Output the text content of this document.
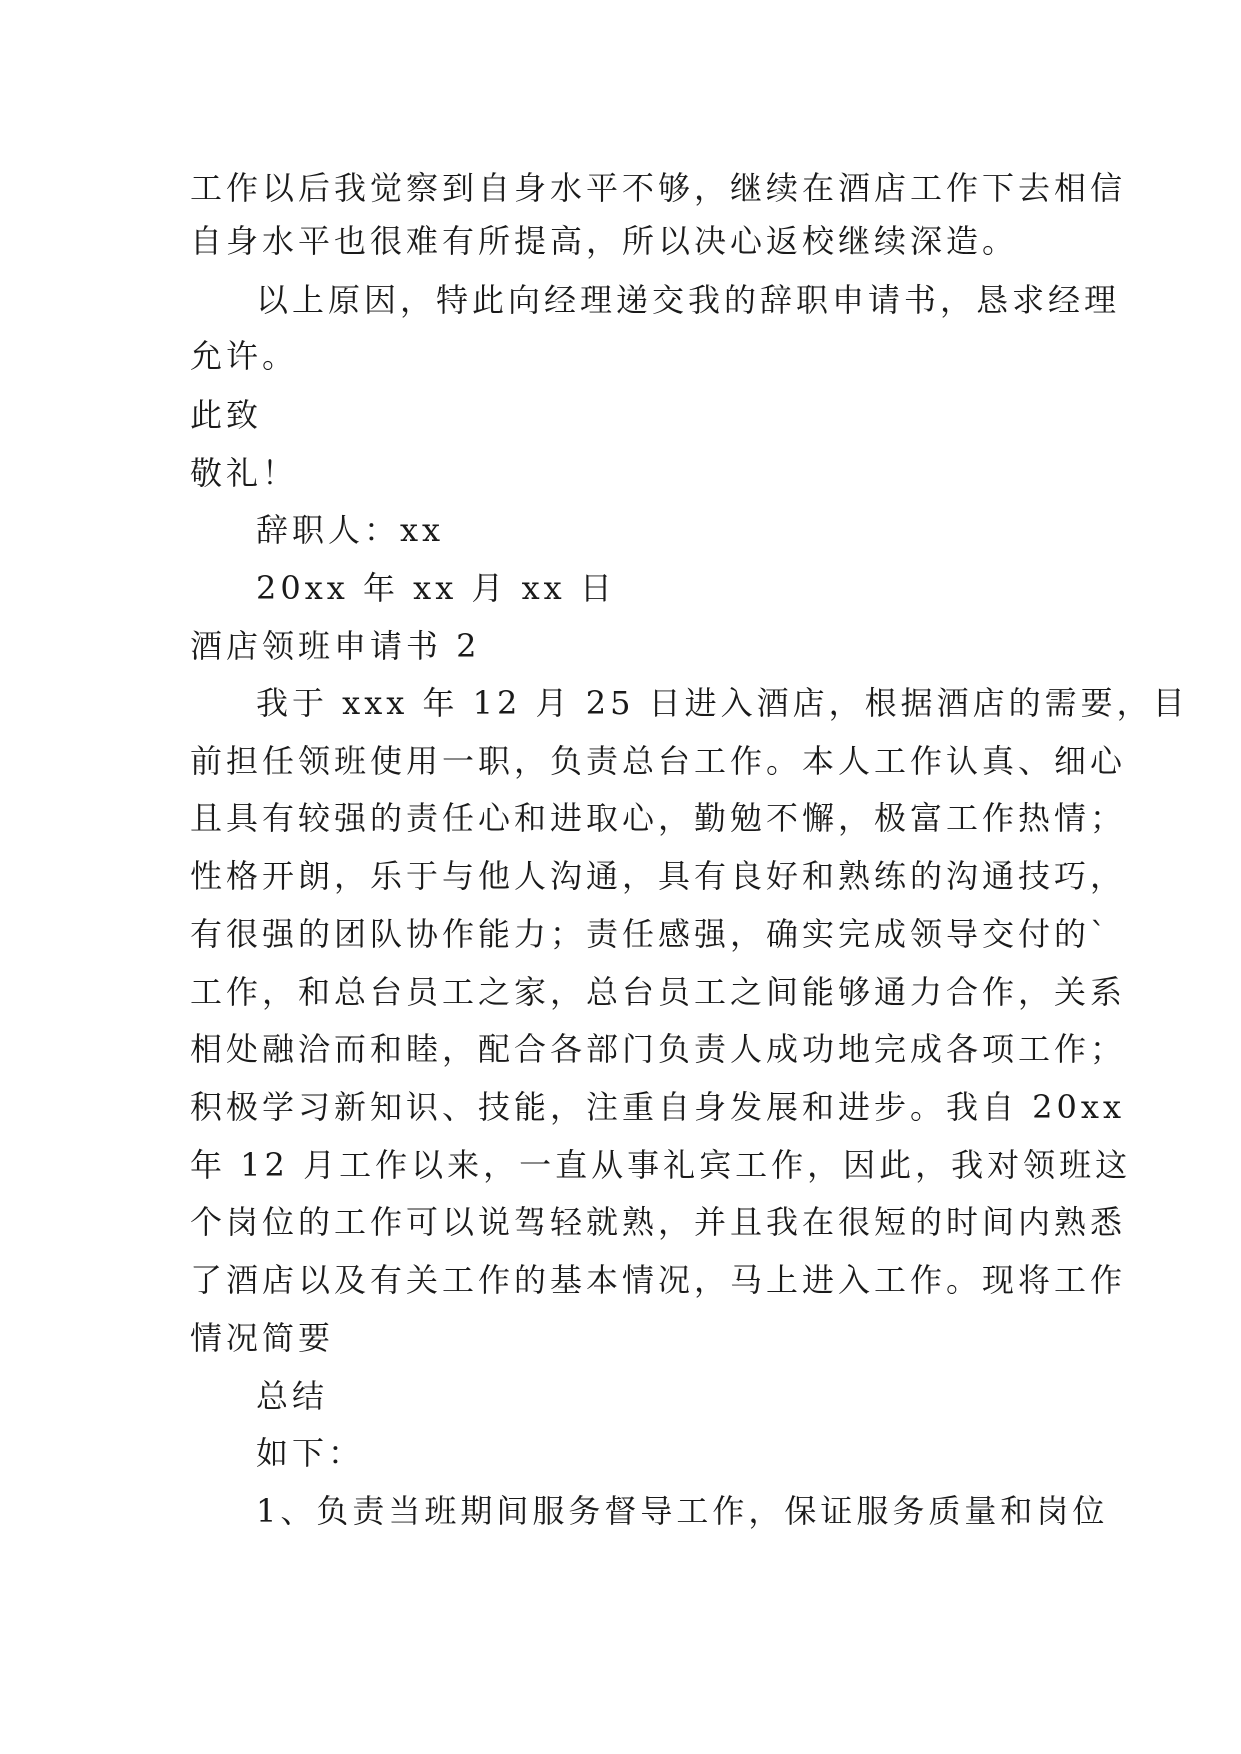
工作以后我觉察到自身水平不够，继续在酒店工作下去相信
自身水平也很难有所提高，所以决心返校继续深造。
以上原因，特此向经理递交我的辞职申请书，恳求经理
允许。
此致
敬礼！
辞职人：xx
20xx 年 xx 月 xx 日
酒店领班申请书 2
我于 xxx 年 12 月 25 日进入酒店，根据酒店的需要，目
前担任领班使用一职，负责总台工作。本人工作认真、细心
且具有较强的责任心和进取心，勤勉不懈，极富工作热情；
性格开朗，乐于与他人沟通，具有良好和熟练的沟通技巧，
有很强的团队协作能力；责任感强，确实完成领导交付的`
工作，和总台员工之家，总台员工之间能够通力合作，关系
相处融洽而和睦，配合各部门负责人成功地完成各项工作；
积极学习新知识、技能，注重自身发展和进步。我自 20xx
年 12 月工作以来，一直从事礼宾工作，因此，我对领班这
个岗位的工作可以说驾轻就熟，并且我在很短的时间内熟悉
了酒店以及有关工作的基本情况，马上进入工作。现将工作
情况简要
总结
如下：
1、负责当班期间服务督导工作，保证服务质量和岗位
